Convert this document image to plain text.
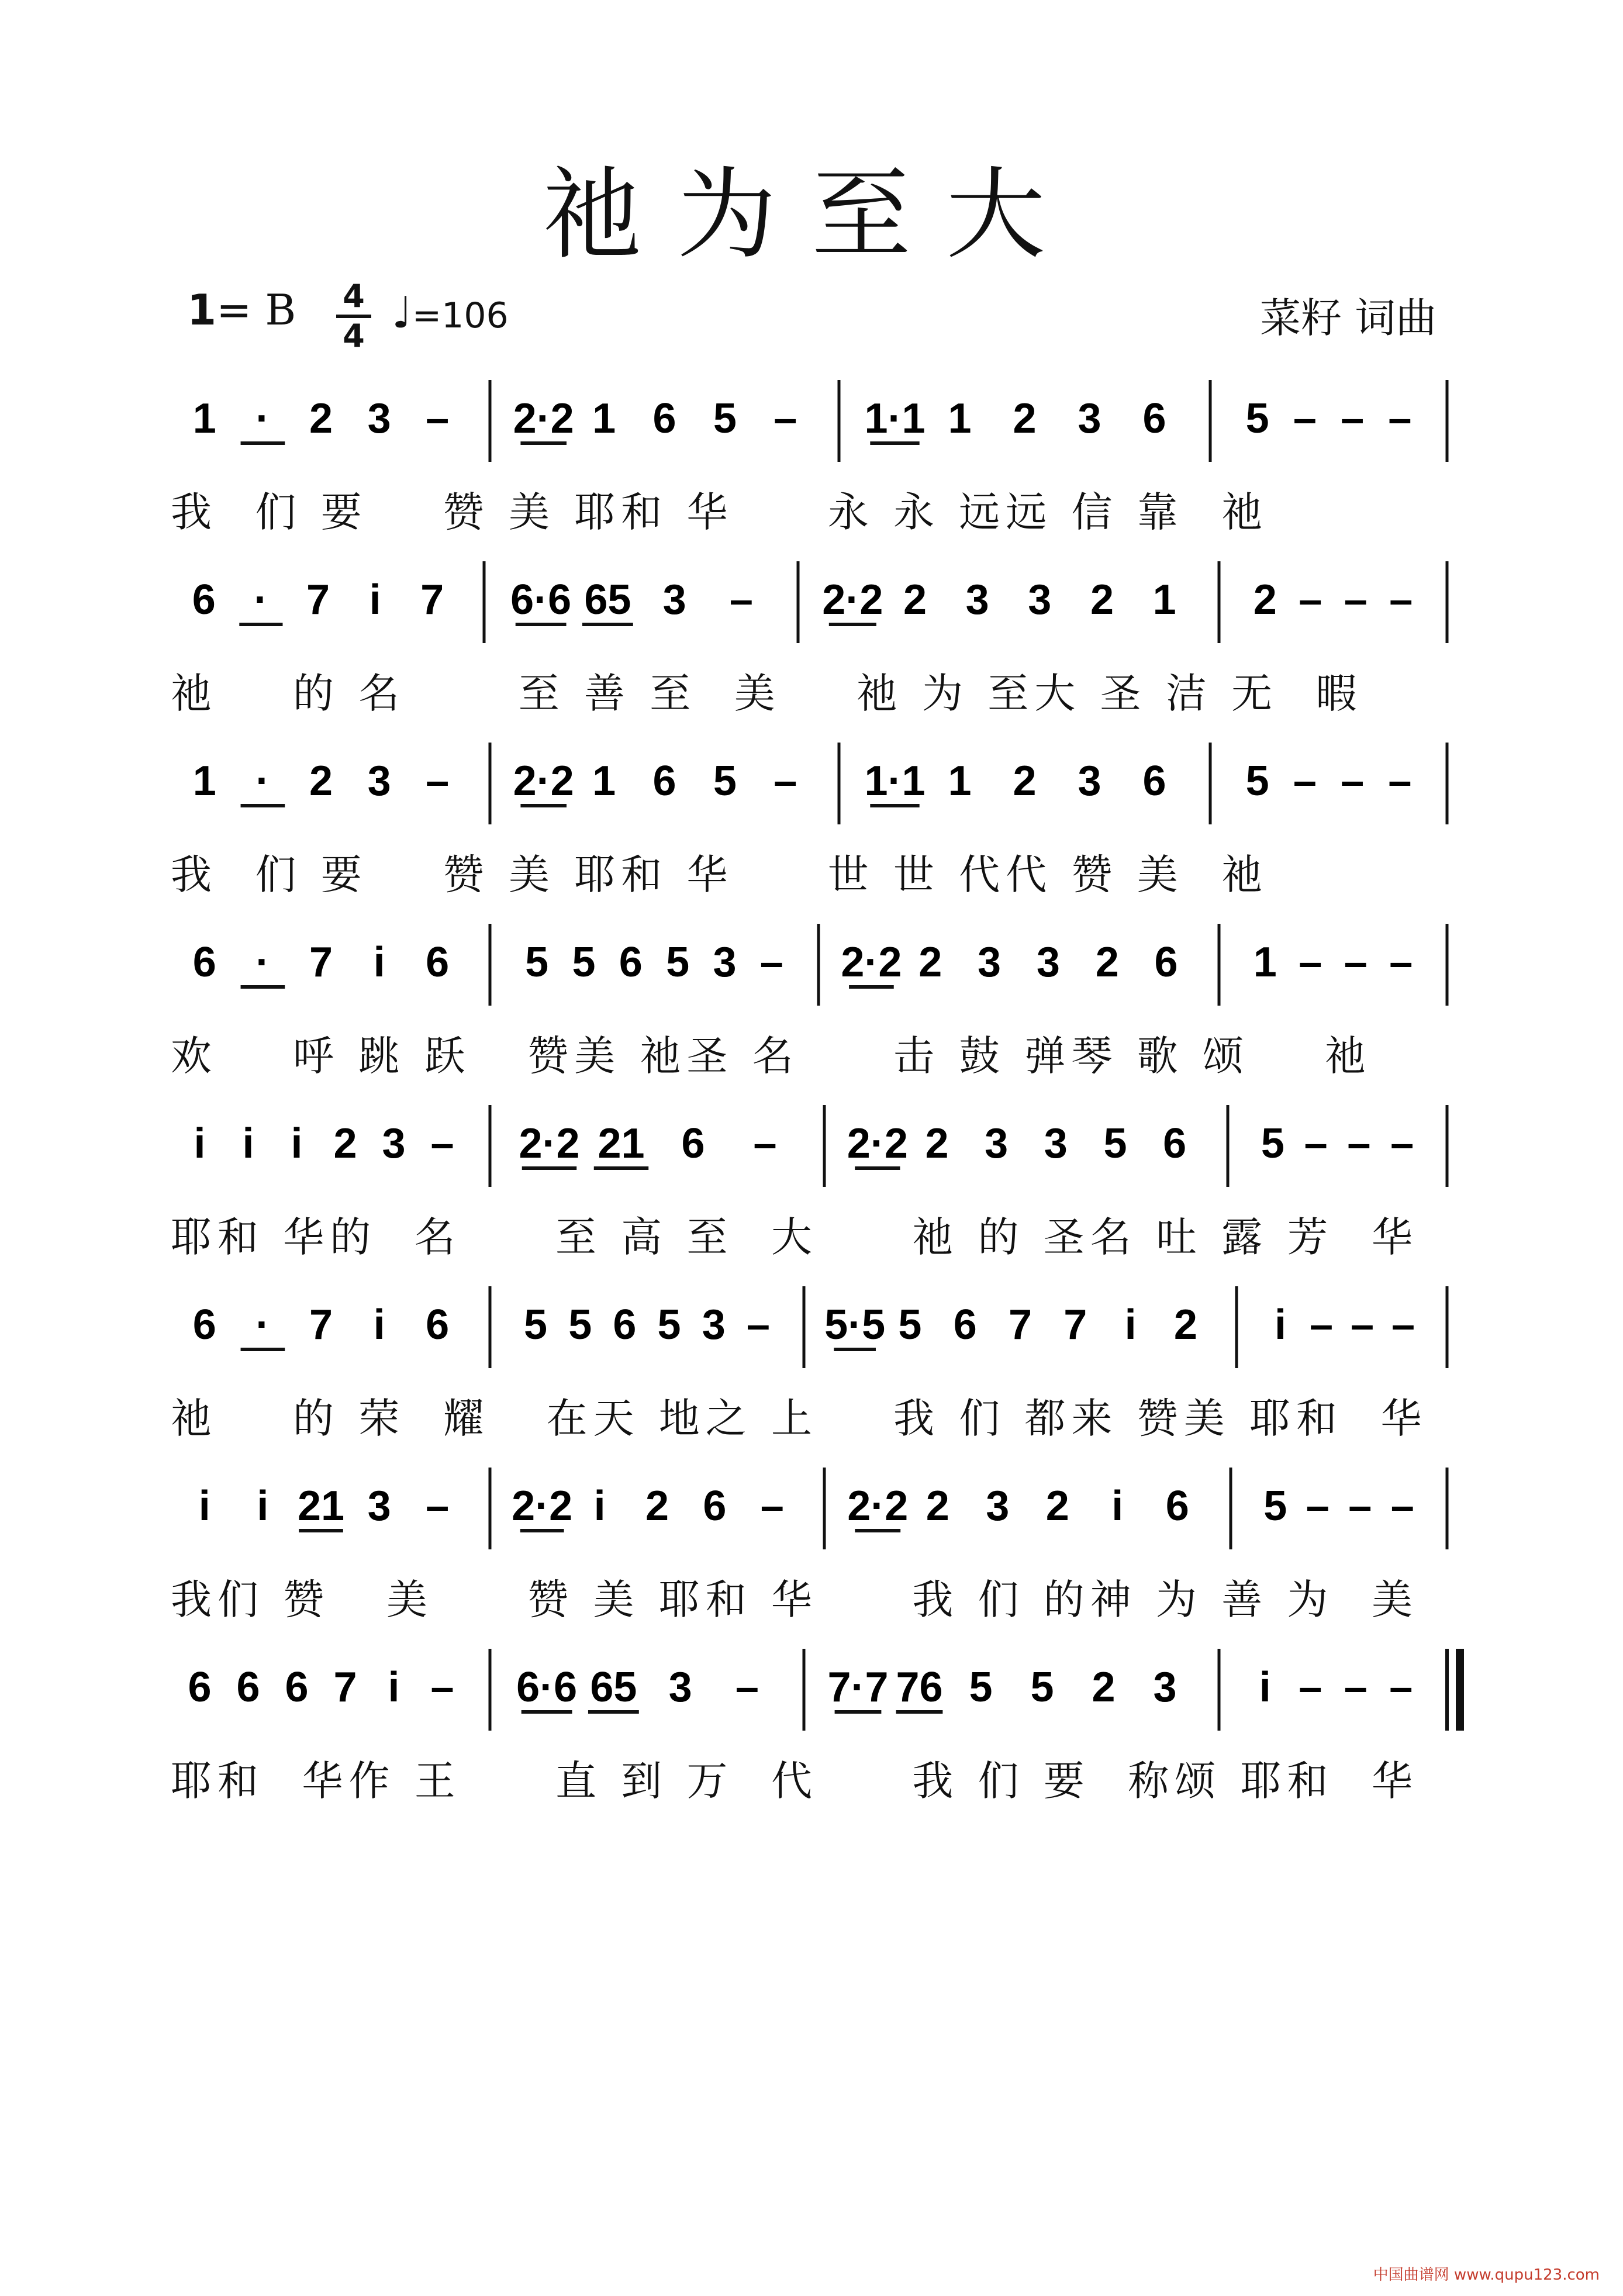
祂为至大
1= B 4
4 ♩=106	菜籽 词曲
1 · 2 3 – 2·2 1 6 5 – 1·1 1 2 3 6 5 – – –
我  们 要    赞 美 耶和 华     永 永 远远 信 靠  祂
6 · 7 i 7 6·6 65 3 – 2·2 2 3 3 2 1 2 – – –
祂    的 名      至 善 至  美    祂 为 至大 圣 洁 无  暇
1 · 2 3 – 2·2 1 6 5 – 1·1 1 2 3 6 5 – – –
我  们 要    赞 美 耶和 华     世 世 代代 赞 美  祂
6 · 7 i 6 5 5 6 5 3 – 2·2 2 3 3 2 6 1 – – –
欢    呼 跳 跃   赞美 祂圣 名     击 鼓 弹琴 歌 颂    祂
i i i 2 3 – 2·2 21 6 – 2·2 2 3 3 5 6 5 – – –
耶和 华的  名     至 高 至  大     祂 的 圣名 吐 露 芳  华
6 · 7 i 6 5 5 6 5 3 – 5·5 5 6 7 7 i 2 i – – –
祂    的 荣  耀   在天 地之 上    我 们 都来 赞美 耶和  华
i i 21 3 – 2·2 i 2 6 – 2·2 2 3 2 i 6 5 – – –
我们 赞   美     赞 美 耶和 华     我 们 的神 为 善 为  美
6 6 6 7 i – 6·6 65 3 – 7·7 76 5 5 2 3 i – – –
耶和  华作 王     直 到 万  代     我 们 要  称颂 耶和  华
中国曲谱网 www.qupu123.com
